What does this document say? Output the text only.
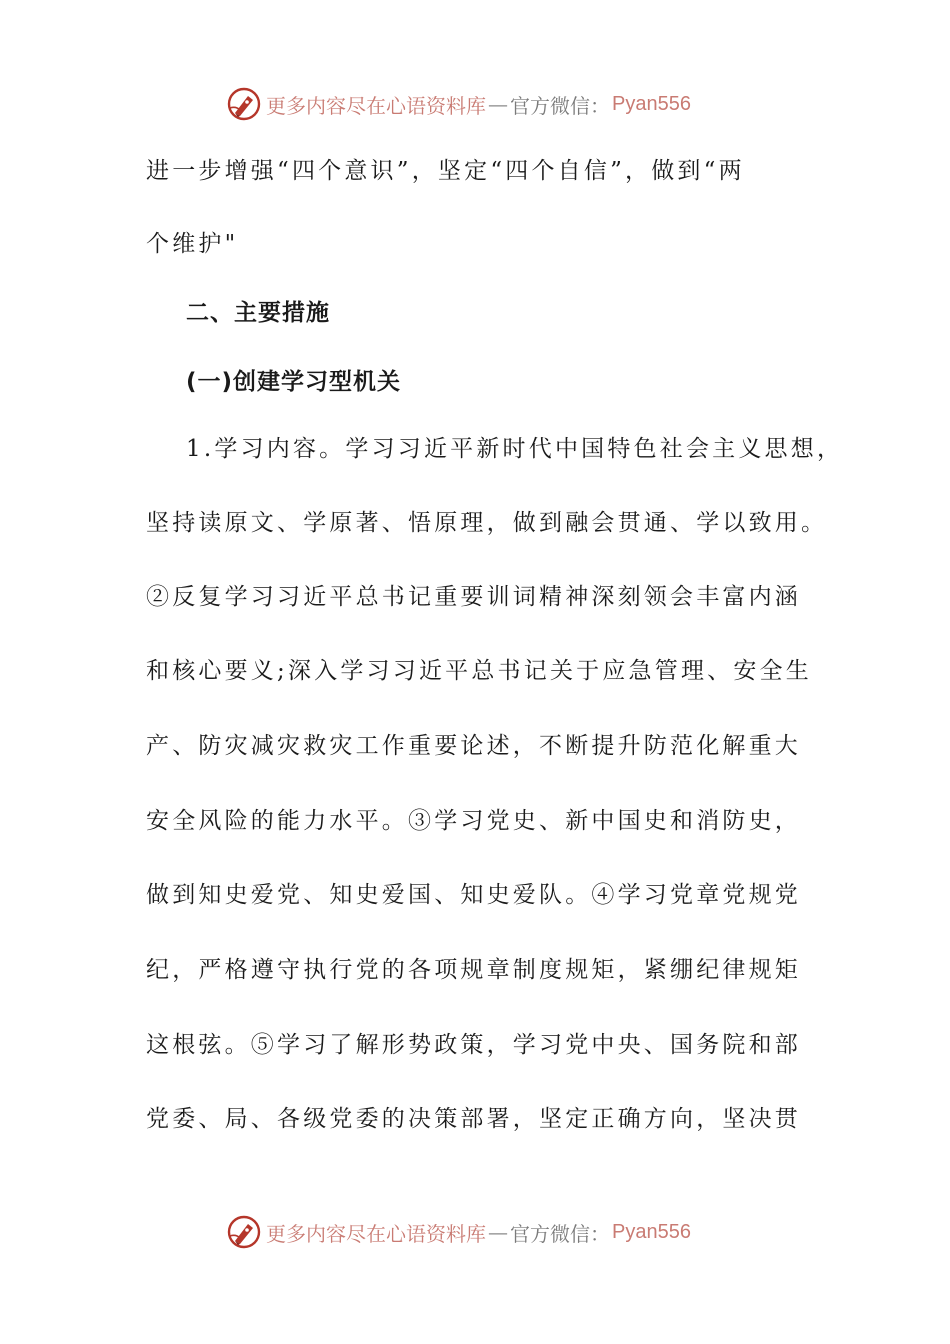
更多内容尽在心语资料库 — 官方微信： Pyan556
进一步增强“四个意识”，坚定“四个自信”，做到“两
个维护"
二、主要措施
(一)创建学习型机关
1.学习内容。学习习近平新时代中国特色社会主义思想，
坚持读原文、学原著、悟原理，做到融会贯通、学以致用。
②反复学习习近平总书记重要训词精神深刻领会丰富内涵
和核心要义;深入学习习近平总书记关于应急管理、安全生
产、防灾减灾救灾工作重要论述，不断提升防范化解重大
安全风险的能力水平。③学习党史、新中国史和消防史，
做到知史爱党、知史爱国、知史爱队。④学习党章党规党
纪，严格遵守执行党的各项规章制度规矩，紧绷纪律规矩
这根弦。⑤学习了解形势政策，学习党中央、国务院和部
党委、局、各级党委的决策部署，坚定正确方向，坚决贯
更多内容尽在心语资料库 — 官方微信： Pyan556
